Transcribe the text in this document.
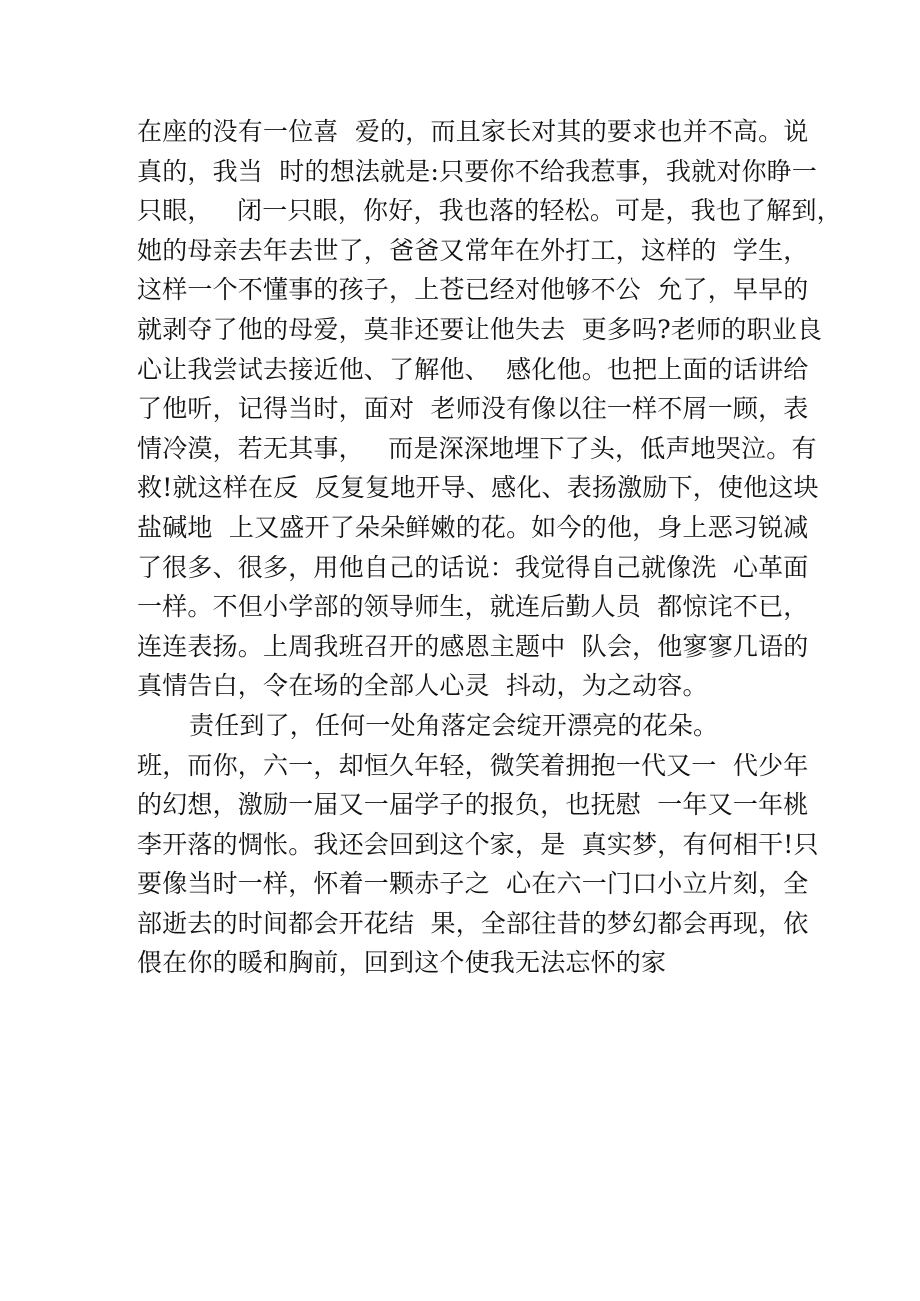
在座的没有一位喜  爱的，而且家长对其的要求也并不高。说
真的，我当  时的想法就是:只要你不给我惹事，我就对你睁一
只眼，   闭一只眼，你好，我也落的轻松。可是，我也了解到，
她的母亲去年去世了，爸爸又常年在外打工，这样的  学生，
这样一个不懂事的孩子，上苍已经对他够不公  允了，早早的
就剥夺了他的母爱，莫非还要让他失去  更多吗?老师的职业良
心让我尝试去接近他、了解他、  感化他。也把上面的话讲给
了他听，记得当时，面对  老师没有像以往一样不屑一顾，表
情冷漠，若无其事，   而是深深地埋下了头，低声地哭泣。有
救!就这样在反  反复复地开导、感化、表扬激励下，使他这块
盐碱地  上又盛开了朵朵鲜嫩的花。如今的他，身上恶习锐减
了很多、很多，用他自己的话说：我觉得自己就像洗  心革面
一样。不但小学部的领导师生，就连后勤人员  都惊诧不已，
连连表扬。上周我班召开的感恩主题中  队会，他寥寥几语的
真情告白，令在场的全部人心灵  抖动，为之动容。
责任到了，任何一处角落定会绽开漂亮的花朵。
班，而你，六一，却恒久年轻，微笑着拥抱一代又一  代少年
的幻想，激励一届又一届学子的报负，也抚慰  一年又一年桃
李开落的惆怅。我还会回到这个家，是  真实梦，有何相干!只
要像当时一样，怀着一颗赤子之  心在六一门口小立片刻，全
部逝去的时间都会开花结  果，全部往昔的梦幻都会再现，依
偎在你的暖和胸前，回到这个使我无法忘怀的家
